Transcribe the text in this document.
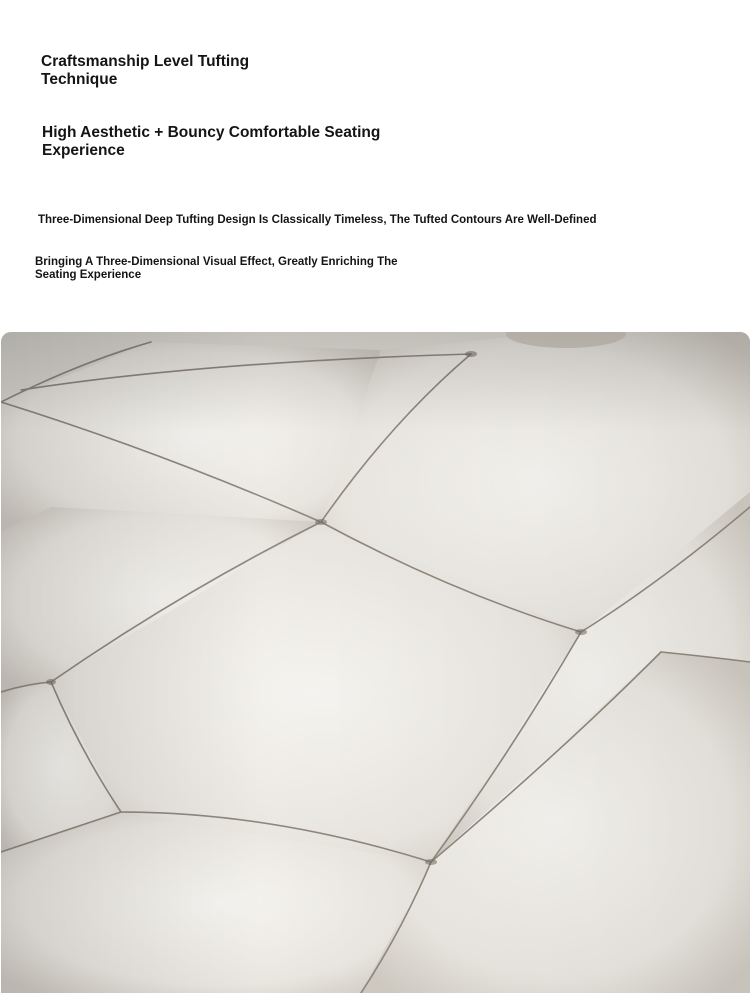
Craftsmanship Level Tufting
Technique
High Aesthetic + Bouncy Comfortable Seating
Experience

Three-Dimensional Deep Tufting Design Is Classically Timeless, The Tufted Contours Are Well-Defined

Bringing A Three-Dimensional Visual Effect, Greatly Enriching The
Seating Experience
